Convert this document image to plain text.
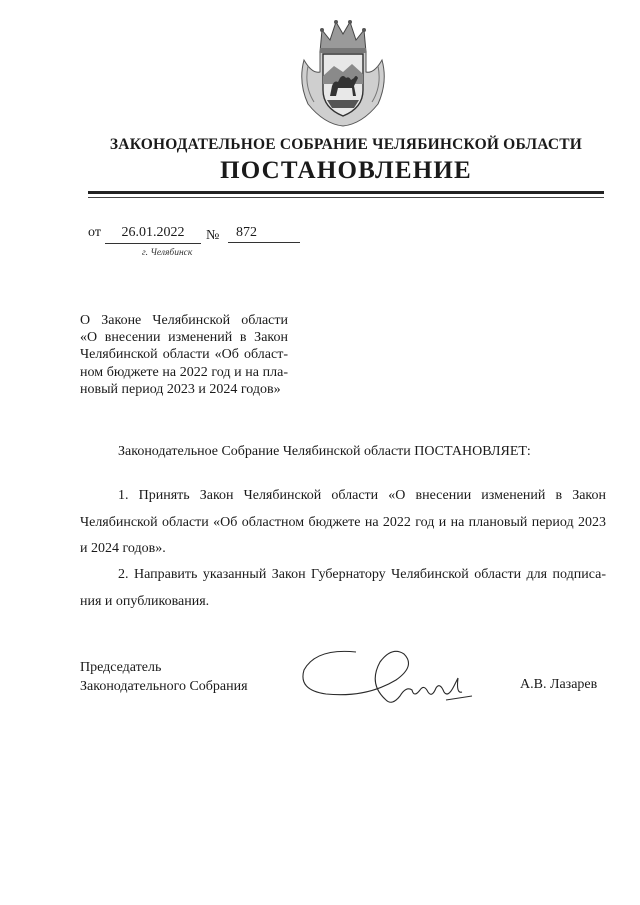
ЗАКОНОДАТЕЛЬНОЕ СОБРАНИЕ ЧЕЛЯБИНСКОЙ ОБЛАСТИ
ПОСТАНОВЛЕНИЕ
от	26.01.2022	№	872
г. Челябинск
О Законе Челябинской области
«О внесении изменений в Закон
Челябинской области «Об област-
ном бюджете на 2022 год и на пла-
новый период 2023 и 2024 годов»
Законодательное Собрание Челябинской области ПОСТАНОВЛЯЕТ:
1. Принять Закон Челябинской области «О внесении изменений в Закон
Челябинской области «Об областном бюджете на 2022 год и на плановый период 2023
и 2024 годов».
2. Направить указанный Закон Губернатору Челябинской области для подписа-
ния и опубликования.
Председатель
Законодательного Собрания	А.В. Лазарев
